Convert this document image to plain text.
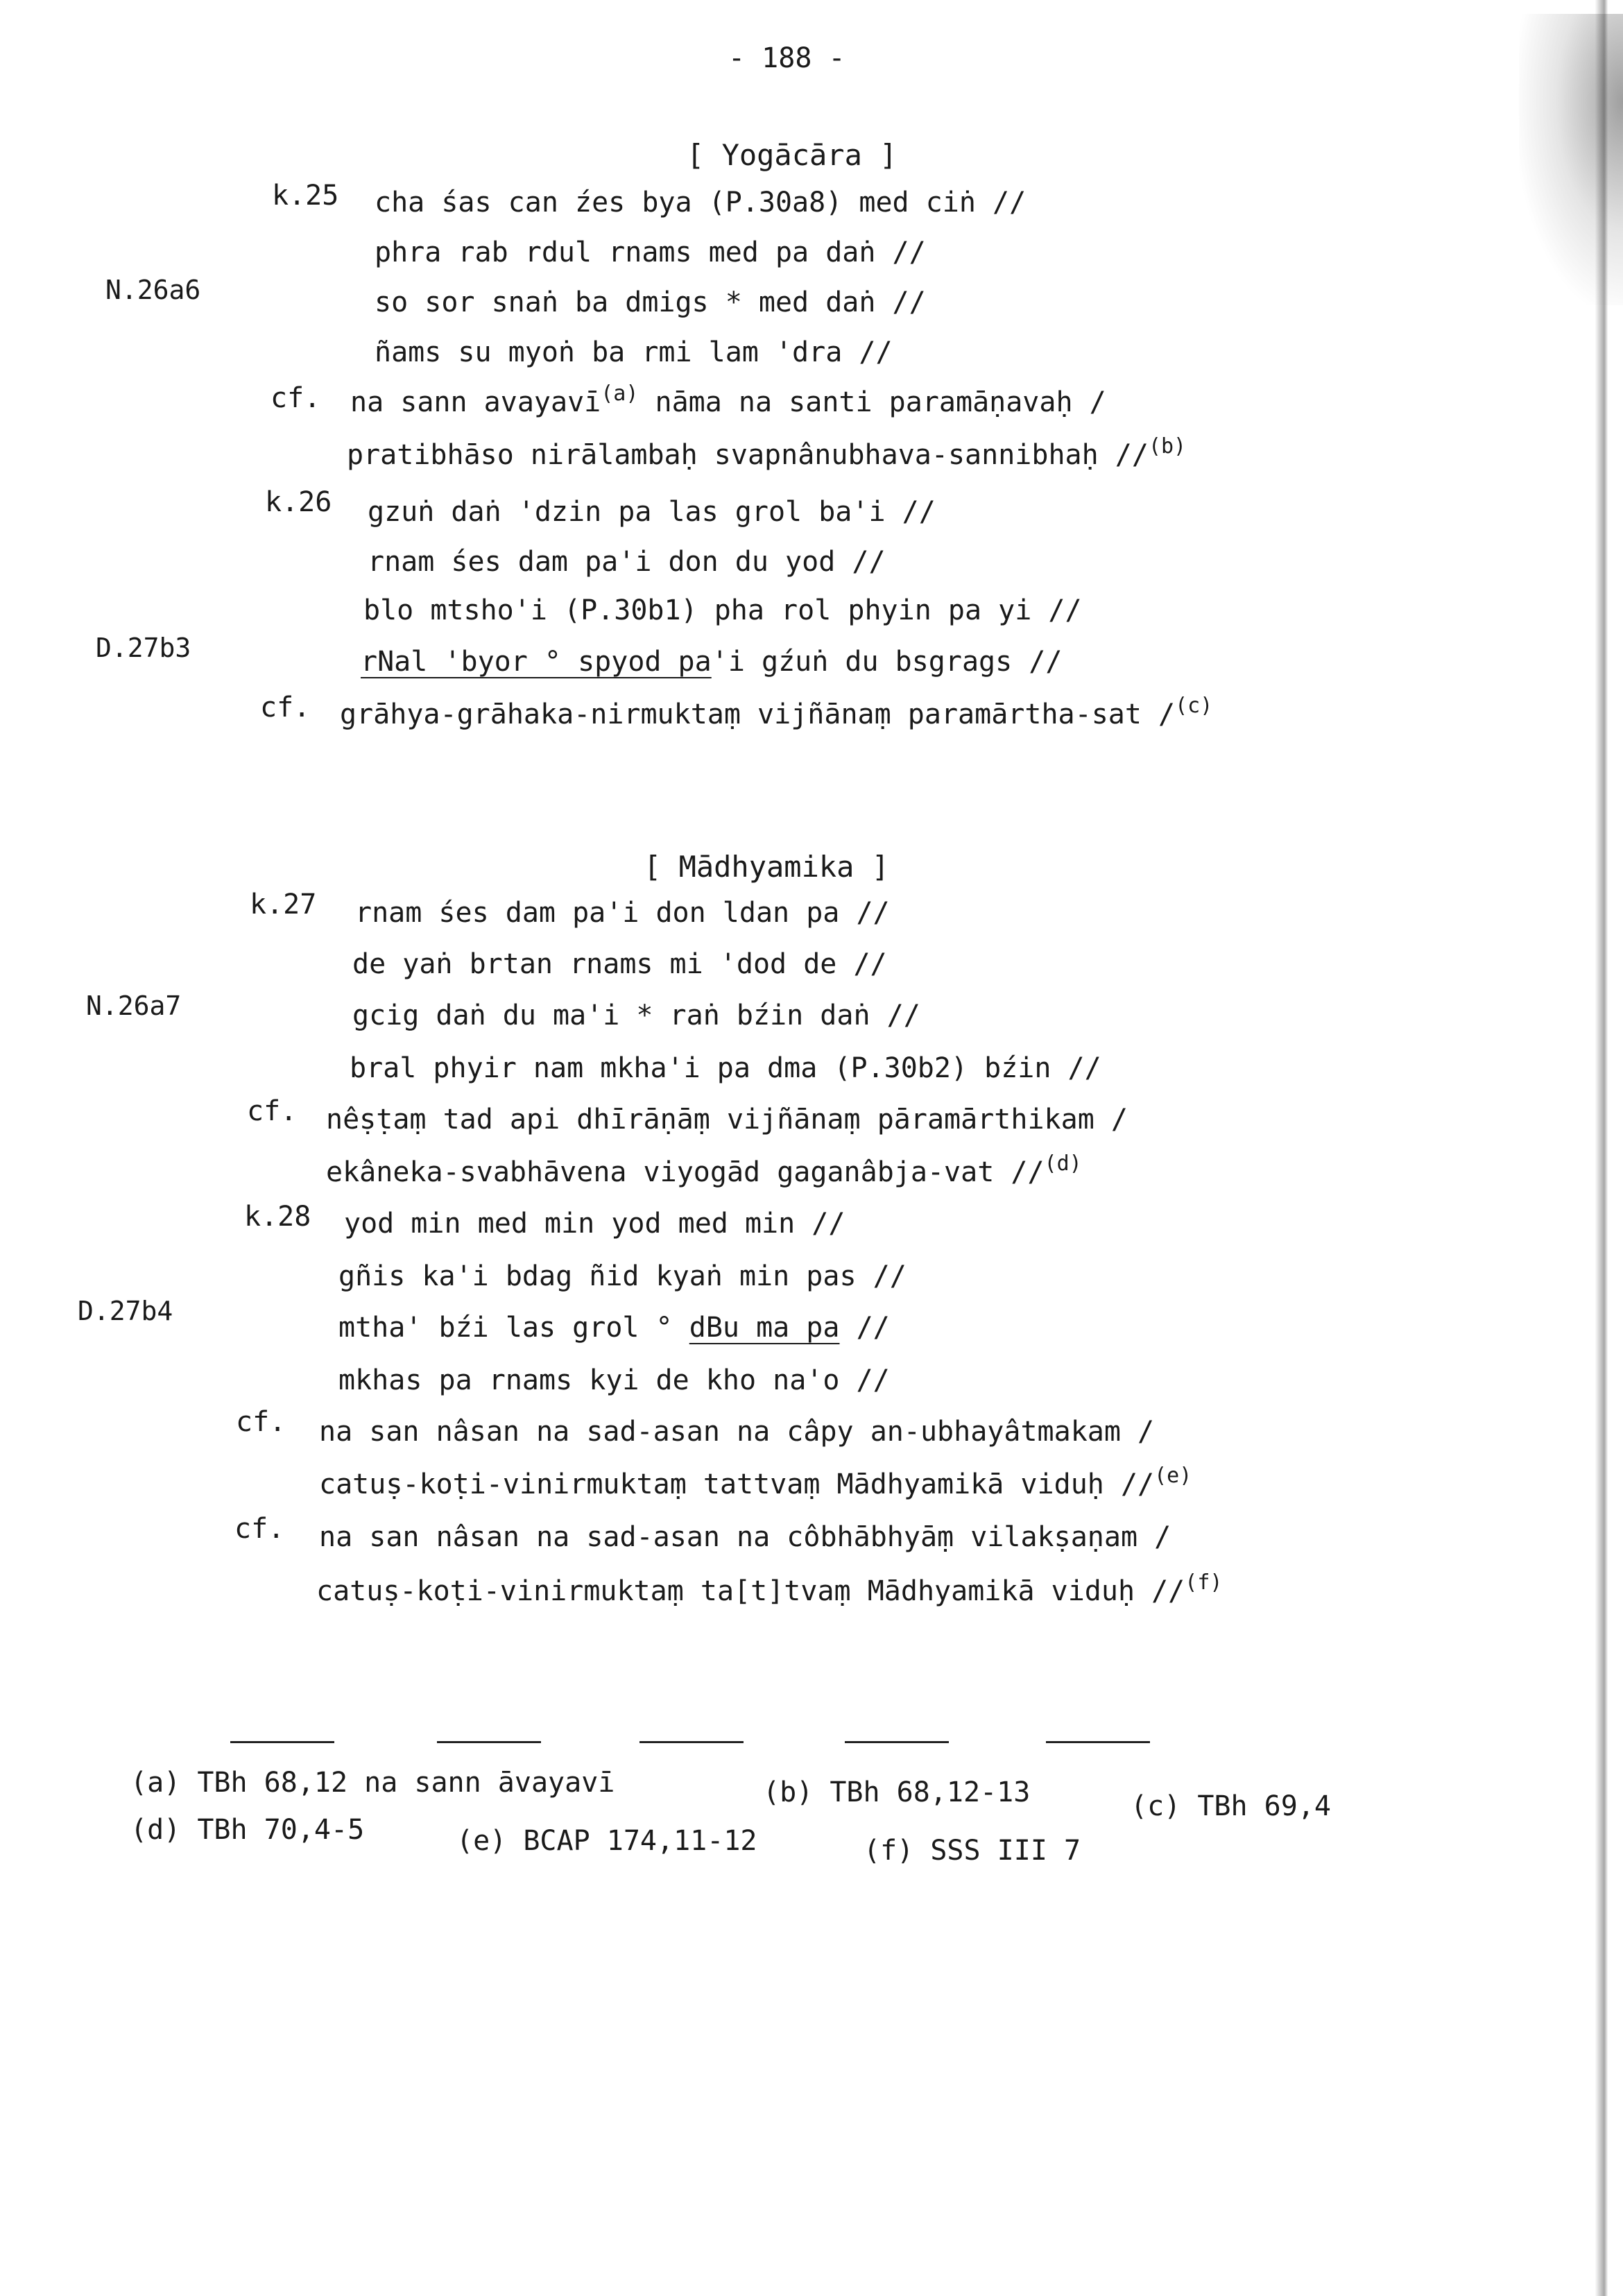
- 188 -
[ Yogācāra ]
k.25 cha śas can źes bya (P.30a8) med ciṅ //
phra rab rdul rnams med pa daṅ //
N.26a6	so sor snaṅ ba dmigs * med daṅ //
ñams su myoṅ ba rmi lam 'dra //
cf. na sann avayavī$^{(a)}$ nāma na santi paramāṇavaḥ /
pratibhāso nirālambaḥ svapnânubhava-sannibhaḥ //$^{(b)}$
k.26 gzuṅ daṅ 'dzin pa las grol ba'i //
rnam śes dam pa'i don du yod //
blo mtsho'i (P.30b1) pha rol phyin pa yi //
D.27b3	rNal 'byor ° spyod pa'i gźuṅ du bsgrags //
cf. grāhya-grāhaka-nirmuktaṃ vijñānaṃ paramārtha-sat /$^{(c)}$
[ Mādhyamika ]
k.27 rnam śes dam pa'i don ldan pa //
de yaṅ brtan rnams mi 'dod de //
N.26a7	gcig daṅ du ma'i * raṅ bźin daṅ //
bral phyir nam mkha'i pa dma (P.30b2) bźin //
cf. nêṣṭaṃ tad api dhīrāṇāṃ vijñānaṃ pāramārthikam /
ekâneka-svabhāvena viyogād gaganâbja-vat //$^{(d)}$
k.28 yod min med min yod med min //
gñis ka'i bdag ñid kyaṅ min pas //
D.27b4
mtha' bźi las grol ° dBu ma pa //
mkhas pa rnams kyi de kho na'o //
cf. na san nâsan na sad-asan na câpy an-ubhayâtmakam /
catuṣ-koṭi-vinirmuktaṃ tattvaṃ Mādhyamikā viduḥ //$^{(e)}$
cf. na san nâsan na sad-asan na côbhābhyāṃ vilakṣaṇam /
catuṣ-koṭi-vinirmuktaṃ ta[t]tvaṃ Mādhyamikā viduḥ //$^{(f)}$
(a) TBh 68,12 na sann āvayavī	(b) TBh 68,12-13	(c) TBh 69,4
(d) TBh 70,4-5	(e) BCAP 174,11-12	(f) SSS III 7
